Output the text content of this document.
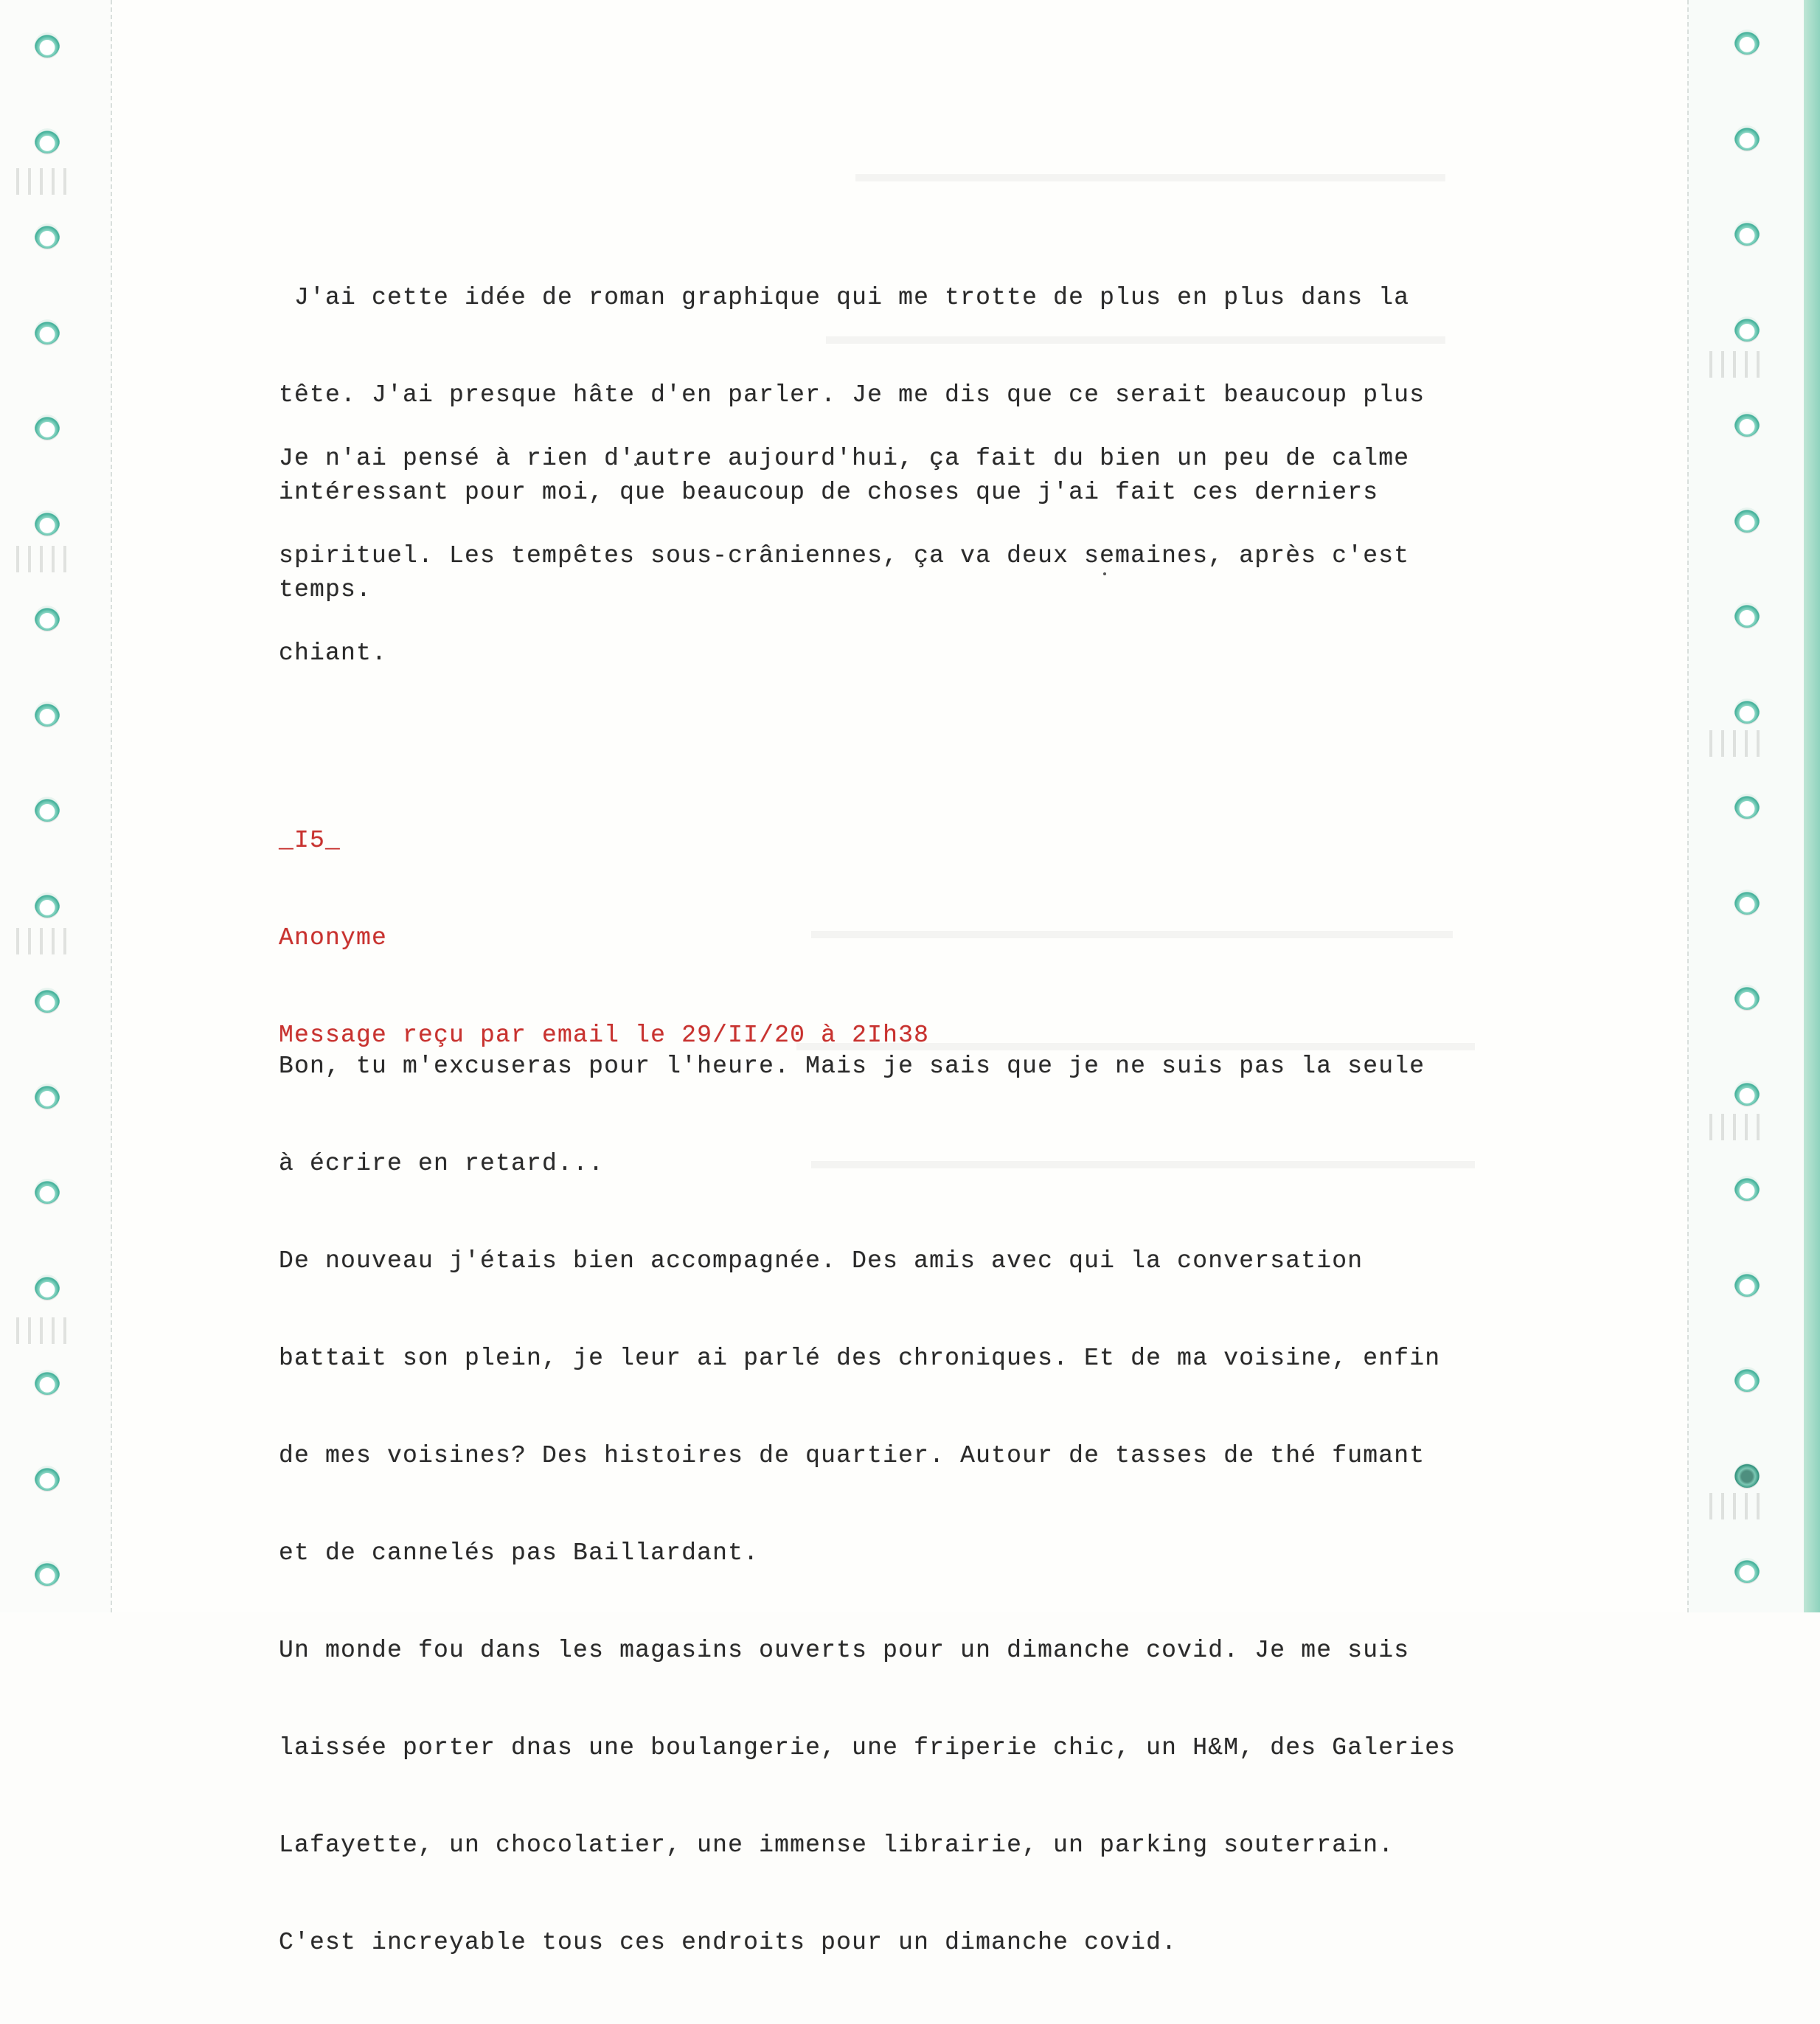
J'ai cette idée de roman graphique qui me trotte de plus en plus dans la

tête. J'ai presque hâte d'en parler. Je me dis que ce serait beaucoup plus

intéressant pour moi, que beaucoup de choses que j'ai fait ces derniers

temps.

Je n'ai pensé à rien d'autre aujourd'hui, ça fait du bien un peu de calme

spirituel. Les tempêtes sous-crâniennes, ça va deux semaines, après c'est

chiant.

_I5_

Anonyme

Message reçu par email le 29/II/20 à 2Ih38

Bon, tu m'excuseras pour l'heure. Mais je sais que je ne suis pas la seule

à écrire en retard...

De nouveau j'étais bien accompagnée. Des amis avec qui la conversation

battait son plein, je leur ai parlé des chroniques. Et de ma voisine, enfin

de mes voisines? Des histoires de quartier. Autour de tasses de thé fumant

et de cannelés pas Baillardant.

Un monde fou dans les magasins ouverts pour un dimanche covid. Je me suis

laissée porter dnas une boulangerie, une friperie chic, un H&M, des Galeries

Lafayette, un chocolatier, une immense librairie, un parking souterrain.

C'est increyable tous ces endroits pour un dimanche covid.
